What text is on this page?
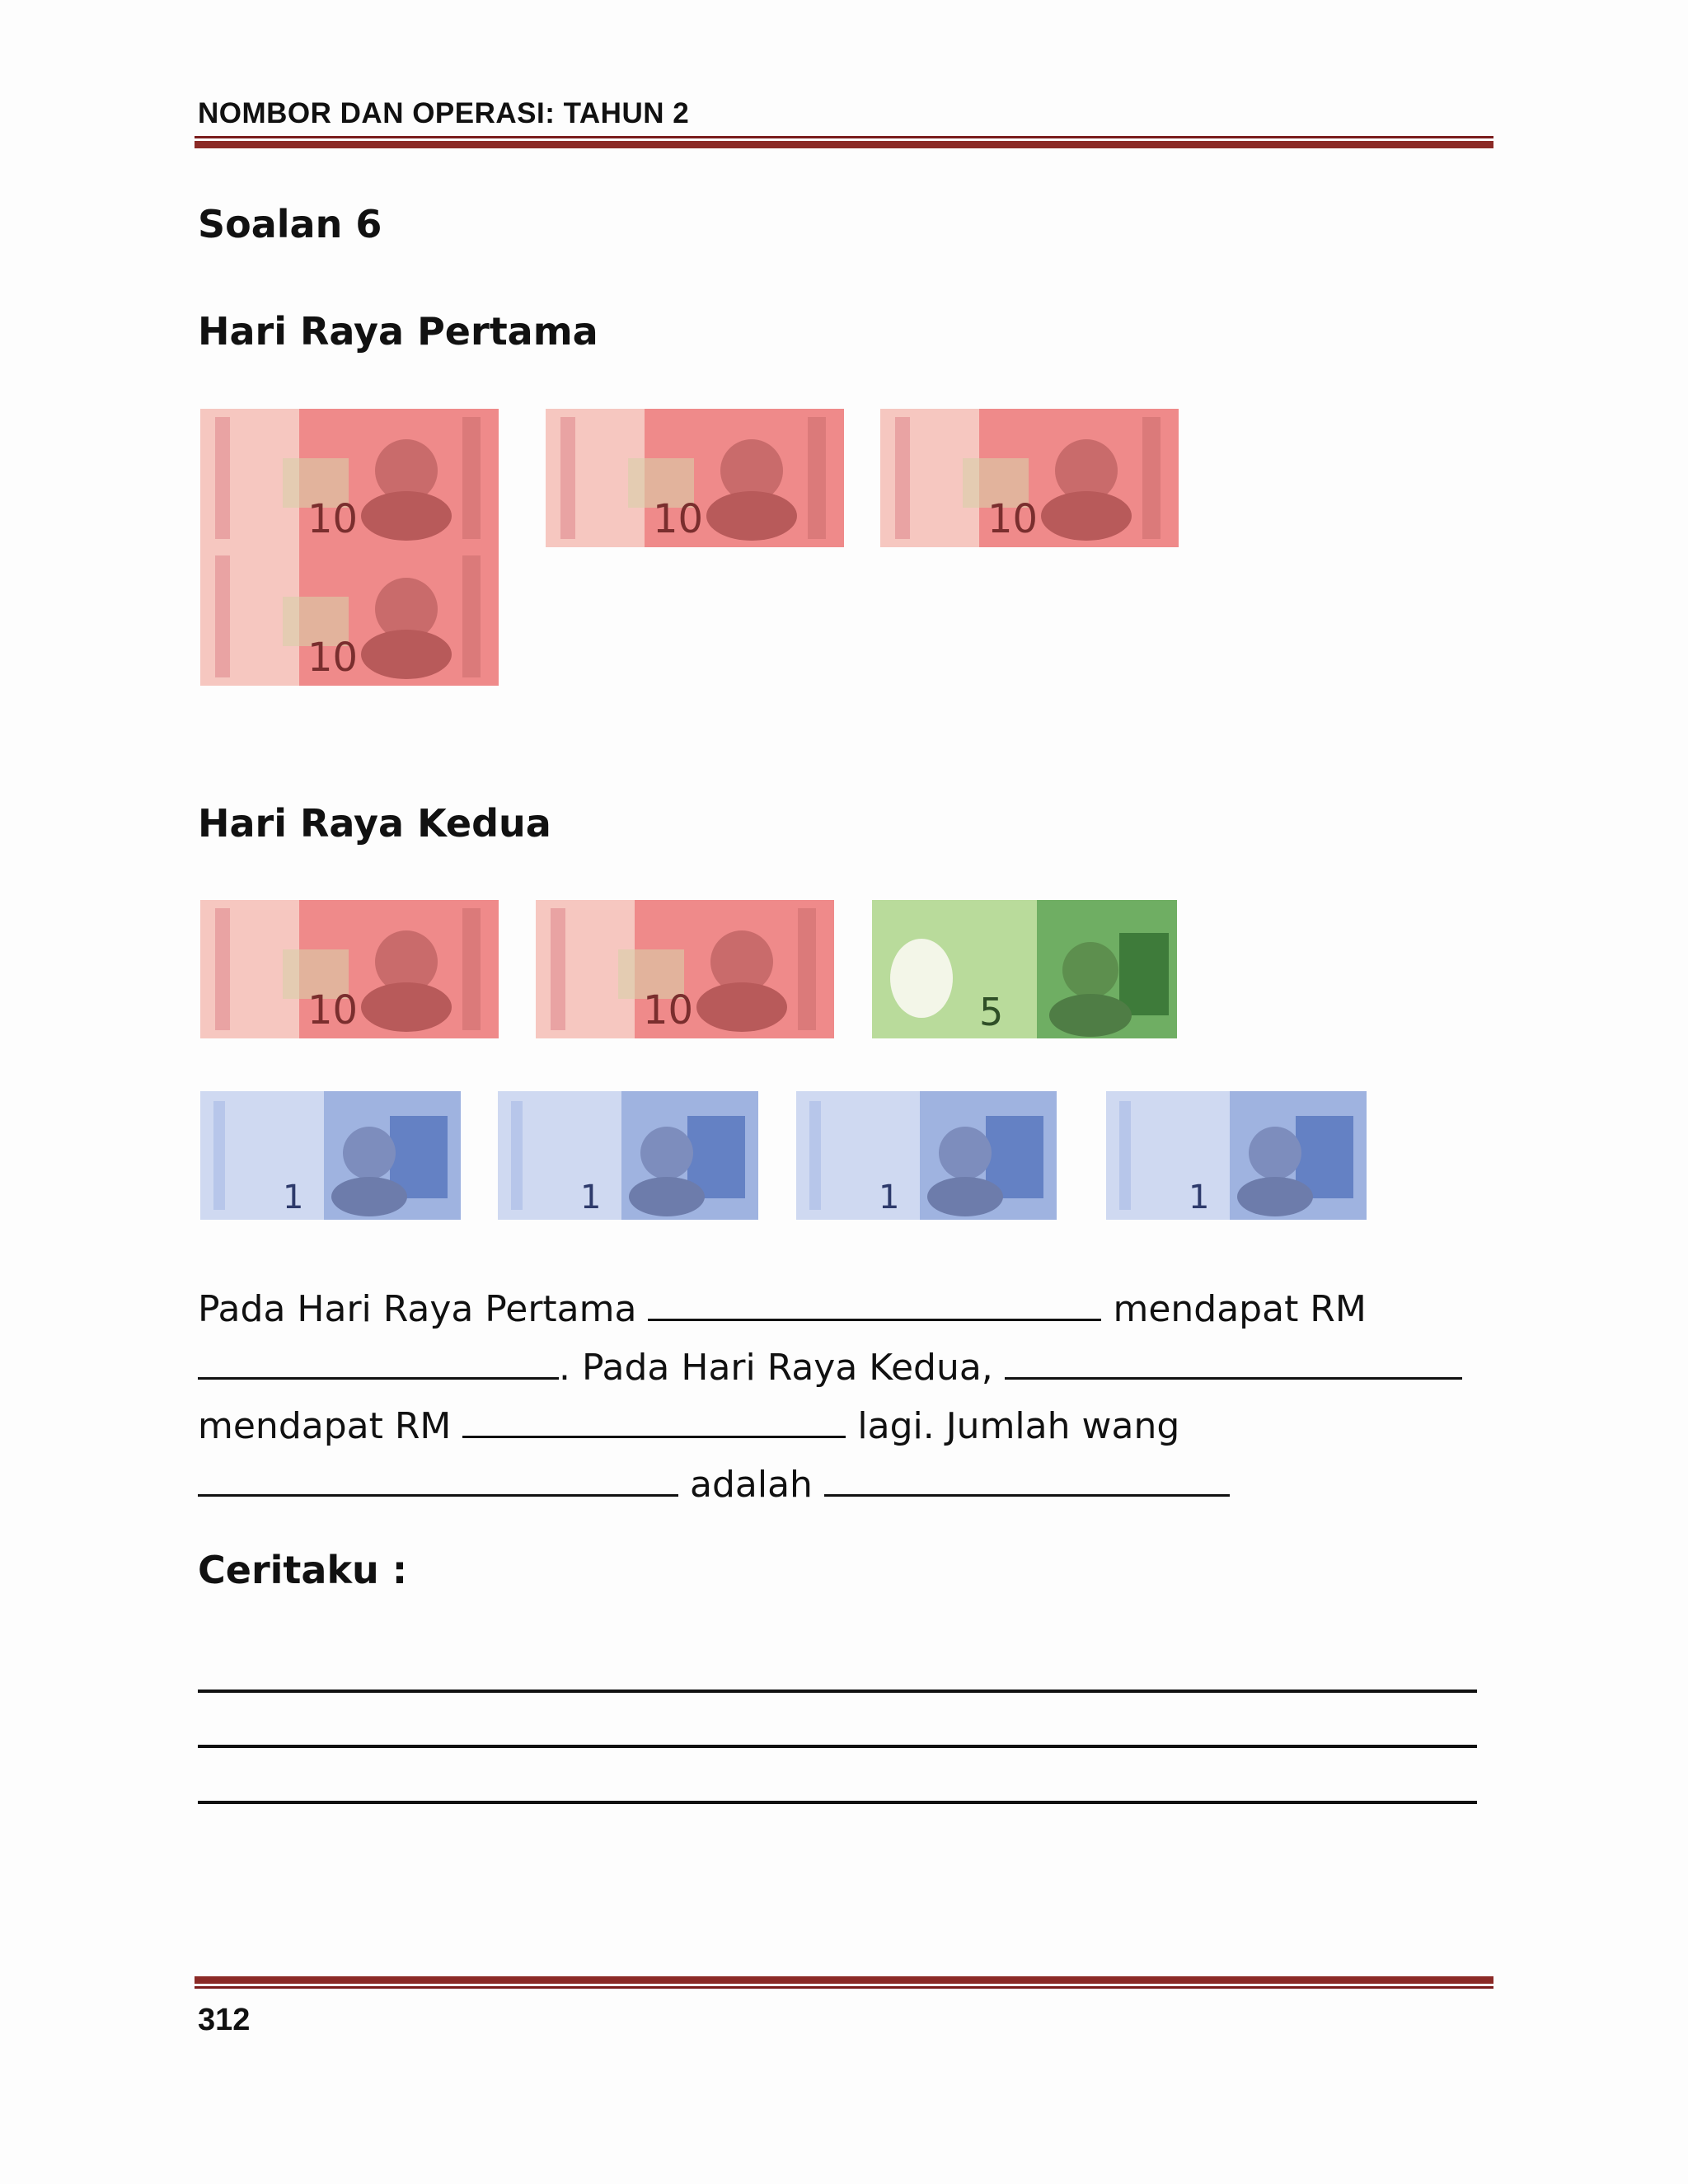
NOMBOR DAN OPERASI: TAHUN 2
Soalan 6
Hari Raya Pertama
10	10	10
10
Hari Raya Kedua
10	10	5
1	1	1	1
Pada Hari Raya Pertama	mendapat RM
. Pada Hari Raya Kedua,
mendapat RM	lagi. Jumlah wang
adalah
Ceritaku :
312
